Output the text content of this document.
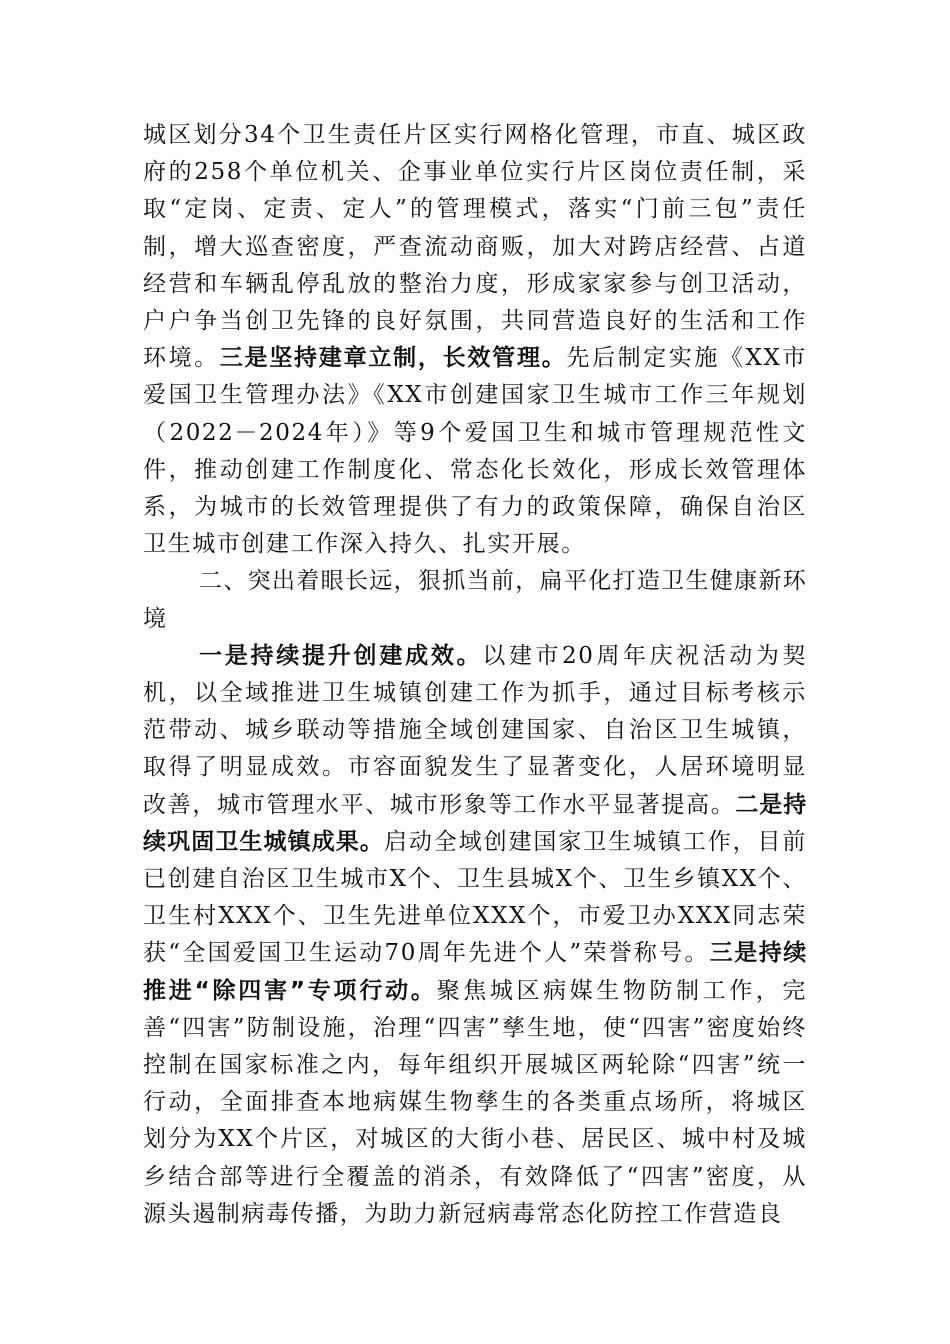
城区划分34个卫生责任片区实行网格化管理，市直、城区政府的258个单位机关、企事业单位实行片区岗位责任制，采取“定岗、定责、定人”的管理模式，落实“门前三包”责任制，增大巡查密度，严查流动商贩，加大对跨店经营、占道经营和车辆乱停乱放的整治力度，形成家家参与创卫活动，户户争当创卫先锋的良好氛围，共同营造良好的生活和工作环境。三是坚持建章立制，长效管理。先后制定实施《XX市爱国卫生管理办法》《XX市创建国家卫生城市工作三年规划（2022－2024年）》等9个爱国卫生和城市管理规范性文件，推动创建工作制度化、常态化长效化，形成长效管理体系，为城市的长效管理提供了有力的政策保障，确保自治区卫生城市创建工作深入持久、扎实开展。

二、突出着眼长远，狠抓当前，扁平化打造卫生健康新环境

一是持续提升创建成效。以建市20周年庆祝活动为契机，以全域推进卫生城镇创建工作为抓手，通过目标考核示范带动、城乡联动等措施全域创建国家、自治区卫生城镇，取得了明显成效。市容面貌发生了显著变化，人居环境明显改善，城市管理水平、城市形象等工作水平显著提高。二是持续巩固卫生城镇成果。启动全域创建国家卫生城镇工作，目前已创建自治区卫生城市X个、卫生县城X个、卫生乡镇XX个、卫生村XXX个、卫生先进单位XXX个，市爱卫办XXX同志荣获“全国爱国卫生运动70周年先进个人”荣誉称号。三是持续推进“除四害”专项行动。聚焦城区病媒生物防制工作，完善“四害”防制设施，治理“四害”孳生地，使“四害”密度始终控制在国家标准之内，每年组织开展城区两轮除“四害”统一行动，全面排查本地病媒生物孳生的各类重点场所，将城区划分为XX个片区，对城区的大街小巷、居民区、城中村及城乡结合部等进行全覆盖的消杀，有效降低了“四害”密度，从源头遏制病毒传播，为助力新冠病毒常态化防控工作营造良
